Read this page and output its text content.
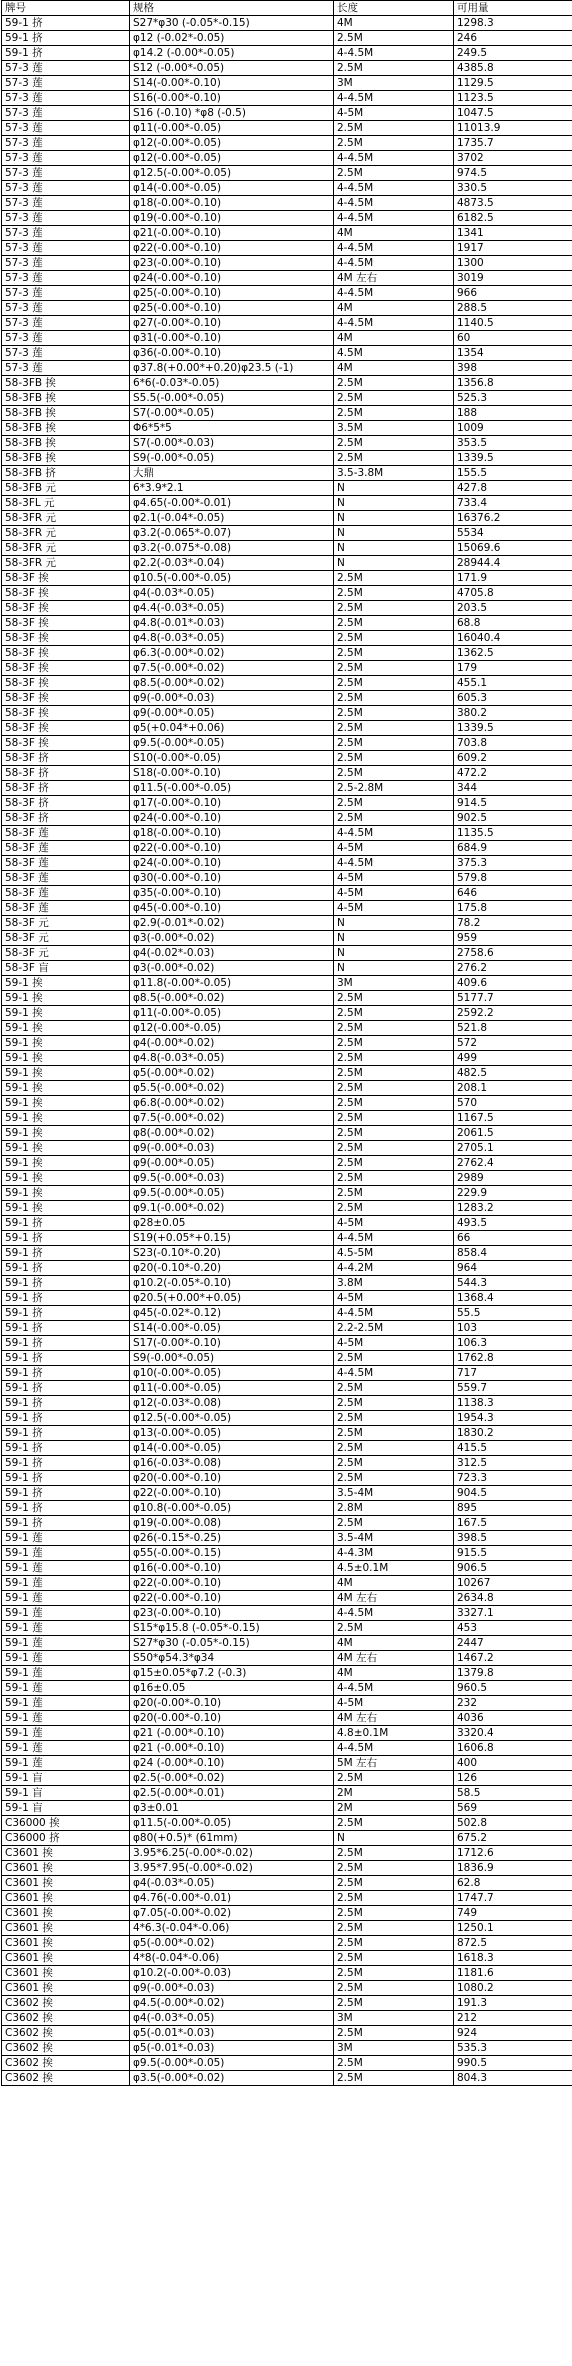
牌号	规格	长度	可用量
59-1 挤	S27*φ30 (-0.05*-0.15)	4M	1298.3
59-1 挤	φ12 (-0.02*-0.05)	2.5M	246
59-1 挤	φ14.2 (-0.00*-0.05)	4-4.5M	249.5
57-3 莲	S12 (-0.00*-0.05)	2.5M	4385.8
57-3 莲	S14(-0.00*-0.10)	3M	1129.5
57-3 莲	S16(-0.00*-0.10)	4-4.5M	1123.5
57-3 莲	S16 (-0.10) *φ8 (-0.5)	4-5M	1047.5
57-3 莲	φ11(-0.00*-0.05)	2.5M	11013.9
57-3 莲	φ12(-0.00*-0.05)	2.5M	1735.7
57-3 莲	φ12(-0.00*-0.05)	4-4.5M	3702
57-3 莲	φ12.5(-0.00*-0.05)	2.5M	974.5
57-3 莲	φ14(-0.00*-0.05)	4-4.5M	330.5
57-3 莲	φ18(-0.00*-0.10)	4-4.5M	4873.5
57-3 莲	φ19(-0.00*-0.10)	4-4.5M	6182.5
57-3 莲	φ21(-0.00*-0.10)	4M	1341
57-3 莲	φ22(-0.00*-0.10)	4-4.5M	1917
57-3 莲	φ23(-0.00*-0.10)	4-4.5M	1300
57-3 莲	φ24(-0.00*-0.10)	4M 左右	3019
57-3 莲	φ25(-0.00*-0.10)	4-4.5M	966
57-3 莲	φ25(-0.00*-0.10)	4M	288.5
57-3 莲	φ27(-0.00*-0.10)	4-4.5M	1140.5
57-3 莲	φ31(-0.00*-0.10)	4M	60
57-3 莲	φ36(-0.00*-0.10)	4.5M	1354
57-3 莲	φ37.8(+0.00*+0.20)φ23.5 (-1)	4M	398
58-3FB 挨	6*6(-0.03*-0.05)	2.5M	1356.8
58-3FB 挨	S5.5(-0.00*-0.05)	2.5M	525.3
58-3FB 挨	S7(-0.00*-0.05)	2.5M	188
58-3FB 挨	Φ6*5*5	3.5M	1009
58-3FB 挨	S7(-0.00*-0.03)	2.5M	353.5
58-3FB 挨	S9(-0.00*-0.05)	2.5M	1339.5
58-3FB 挤	大鼎	3.5-3.8M	155.5
58-3FB 元	6*3.9*2.1	N	427.8
58-3FL 元	φ4.65(-0.00*-0.01)	N	733.4
58-3FR 元	φ2.1(-0.04*-0.05)	N	16376.2
58-3FR 元	φ3.2(-0.065*-0.07)	N	5534
58-3FR 元	φ3.2(-0.075*-0.08)	N	15069.6
58-3FR 元	φ2.2(-0.03*-0.04)	N	28944.4
58-3F 挨	φ10.5(-0.00*-0.05)	2.5M	171.9
58-3F 挨	φ4(-0.03*-0.05)	2.5M	4705.8
58-3F 挨	φ4.4(-0.03*-0.05)	2.5M	203.5
58-3F 挨	φ4.8(-0.01*-0.03)	2.5M	68.8
58-3F 挨	φ4.8(-0.03*-0.05)	2.5M	16040.4
58-3F 挨	φ6.3(-0.00*-0.02)	2.5M	1362.5
58-3F 挨	φ7.5(-0.00*-0.02)	2.5M	179
58-3F 挨	φ8.5(-0.00*-0.02)	2.5M	455.1
58-3F 挨	φ9(-0.00*-0.03)	2.5M	605.3
58-3F 挨	φ9(-0.00*-0.05)	2.5M	380.2
58-3F 挨	φ5(+0.04*+0.06)	2.5M	1339.5
58-3F 挨	φ9.5(-0.00*-0.05)	2.5M	703.8
58-3F 挤	S10(-0.00*-0.05)	2.5M	609.2
58-3F 挤	S18(-0.00*-0.10)	2.5M	472.2
58-3F 挤	φ11.5(-0.00*-0.05)	2.5-2.8M	344
58-3F 挤	φ17(-0.00*-0.10)	2.5M	914.5
58-3F 挤	φ24(-0.00*-0.10)	2.5M	902.5
58-3F 莲	φ18(-0.00*-0.10)	4-4.5M	1135.5
58-3F 莲	φ22(-0.00*-0.10)	4-5M	684.9
58-3F 莲	φ24(-0.00*-0.10)	4-4.5M	375.3
58-3F 莲	φ30(-0.00*-0.10)	4-5M	579.8
58-3F 莲	φ35(-0.00*-0.10)	4-5M	646
58-3F 莲	φ45(-0.00*-0.10)	4-5M	175.8
58-3F 元	φ2.9(-0.01*-0.02)	N	78.2
58-3F 元	φ3(-0.00*-0.02)	N	959
58-3F 元	φ4(-0.02*-0.03)	N	2758.6
58-3F 盲	φ3(-0.00*-0.02)	N	276.2
59-1 挨	φ11.8(-0.00*-0.05)	3M	409.6
59-1 挨	φ8.5(-0.00*-0.02)	2.5M	5177.7
59-1 挨	φ11(-0.00*-0.05)	2.5M	2592.2
59-1 挨	φ12(-0.00*-0.05)	2.5M	521.8
59-1 挨	φ4(-0.00*-0.02)	2.5M	572
59-1 挨	φ4.8(-0.03*-0.05)	2.5M	499
59-1 挨	φ5(-0.00*-0.02)	2.5M	482.5
59-1 挨	φ5.5(-0.00*-0.02)	2.5M	208.1
59-1 挨	φ6.8(-0.00*-0.02)	2.5M	570
59-1 挨	φ7.5(-0.00*-0.02)	2.5M	1167.5
59-1 挨	φ8(-0.00*-0.02)	2.5M	2061.5
59-1 挨	φ9(-0.00*-0.03)	2.5M	2705.1
59-1 挨	φ9(-0.00*-0.05)	2.5M	2762.4
59-1 挨	φ9.5(-0.00*-0.03)	2.5M	2989
59-1 挨	φ9.5(-0.00*-0.05)	2.5M	229.9
59-1 挨	φ9.1(-0.00*-0.02)	2.5M	1283.2
59-1 挤	φ28±0.05	4-5M	493.5
59-1 挤	S19(+0.05*+0.15)	4-4.5M	66
59-1 挤	S23(-0.10*-0.20)	4.5-5M	858.4
59-1 挤	φ20(-0.10*-0.20)	4-4.2M	964
59-1 挤	φ10.2(-0.05*-0.10)	3.8M	544.3
59-1 挤	φ20.5(+0.00*+0.05)	4-5M	1368.4
59-1 挤	φ45(-0.02*-0.12)	4-4.5M	55.5
59-1 挤	S14(-0.00*-0.05)	2.2-2.5M	103
59-1 挤	S17(-0.00*-0.10)	4-5M	106.3
59-1 挤	S9(-0.00*-0.05)	2.5M	1762.8
59-1 挤	φ10(-0.00*-0.05)	4-4.5M	717
59-1 挤	φ11(-0.00*-0.05)	2.5M	559.7
59-1 挤	φ12(-0.03*-0.08)	2.5M	1138.3
59-1 挤	φ12.5(-0.00*-0.05)	2.5M	1954.3
59-1 挤	φ13(-0.00*-0.05)	2.5M	1830.2
59-1 挤	φ14(-0.00*-0.05)	2.5M	415.5
59-1 挤	φ16(-0.03*-0.08)	2.5M	312.5
59-1 挤	φ20(-0.00*-0.10)	2.5M	723.3
59-1 挤	φ22(-0.00*-0.10)	3.5-4M	904.5
59-1 挤	φ10.8(-0.00*-0.05)	2.8M	895
59-1 挤	φ19(-0.00*-0.08)	2.5M	167.5
59-1 莲	φ26(-0.15*-0.25)	3.5-4M	398.5
59-1 莲	φ55(-0.00*-0.15)	4-4.3M	915.5
59-1 莲	φ16(-0.00*-0.10)	4.5±0.1M	906.5
59-1 莲	φ22(-0.00*-0.10)	4M	10267
59-1 莲	φ22(-0.00*-0.10)	4M 左右	2634.8
59-1 莲	φ23(-0.00*-0.10)	4-4.5M	3327.1
59-1 莲	S15*φ15.8 (-0.05*-0.15)	2.5M	453
59-1 莲	S27*φ30 (-0.05*-0.15)	4M	2447
59-1 莲	S50*φ54.3*φ34	4M 左右	1467.2
59-1 莲	φ15±0.05*φ7.2 (-0.3)	4M	1379.8
59-1 莲	φ16±0.05	4-4.5M	960.5
59-1 莲	φ20(-0.00*-0.10)	4-5M	232
59-1 莲	φ20(-0.00*-0.10)	4M 左右	4036
59-1 莲	φ21 (-0.00*-0.10)	4.8±0.1M	3320.4
59-1 莲	φ21 (-0.00*-0.10)	4-4.5M	1606.8
59-1 莲	φ24 (-0.00*-0.10)	5M 左右	400
59-1 盲	φ2.5(-0.00*-0.02)	2.5M	126
59-1 盲	φ2.5(-0.00*-0.01)	2M	58.5
59-1 盲	φ3±0.01	2M	569
C36000 挨	φ11.5(-0.00*-0.05)	2.5M	502.8
C36000 挤	φ80(+0.5)* (61mm)	N	675.2
C3601 挨	3.95*6.25(-0.00*-0.02)	2.5M	1712.6
C3601 挨	3.95*7.95(-0.00*-0.02)	2.5M	1836.9
C3601 挨	φ4(-0.03*-0.05)	2.5M	62.8
C3601 挨	φ4.76(-0.00*-0.01)	2.5M	1747.7
C3601 挨	φ7.05(-0.00*-0.02)	2.5M	749
C3601 挨	4*6.3(-0.04*-0.06)	2.5M	1250.1
C3601 挨	φ5(-0.00*-0.02)	2.5M	872.5
C3601 挨	4*8(-0.04*-0.06)	2.5M	1618.3
C3601 挨	φ10.2(-0.00*-0.03)	2.5M	1181.6
C3601 挨	φ9(-0.00*-0.03)	2.5M	1080.2
C3602 挨	φ4.5(-0.00*-0.02)	2.5M	191.3
C3602 挨	φ4(-0.03*-0.05)	3M	212
C3602 挨	φ5(-0.01*-0.03)	2.5M	924
C3602 挨	φ5(-0.01*-0.03)	3M	535.3
C3602 挨	φ9.5(-0.00*-0.05)	2.5M	990.5
C3602 挨	φ3.5(-0.00*-0.02)	2.5M	804.3
